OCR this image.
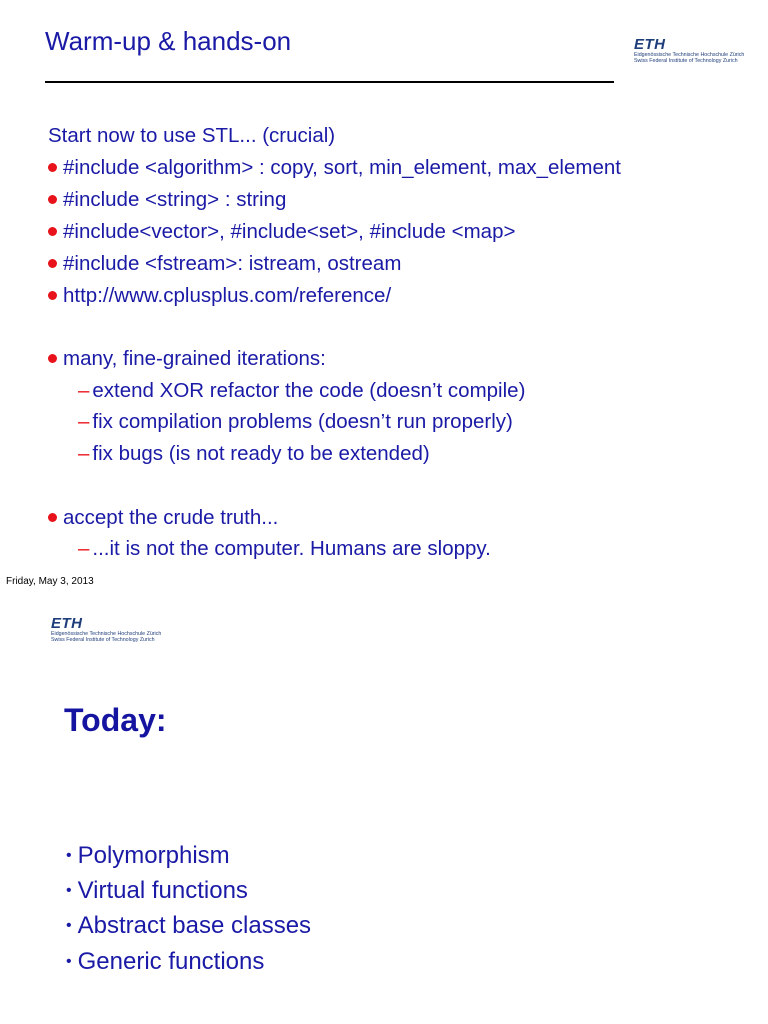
Warm-up & hands-on	ETH
Eidgenössische Technische Hochschule Zürich
Swiss Federal Institute of Technology Zurich
Start now to use STL... (crucial)
#include <algorithm> : copy, sort, min_element, max_element
#include <string> : string
#include<vector>, #include<set>, #include <map>
#include <fstream>: istream, ostream
http://www.cplusplus.com/reference/
many, fine-grained iterations:
– extend XOR refactor the code (doesn’t compile)
– fix compilation problems (doesn’t run properly)
– fix bugs (is not ready to be extended)
accept the crude truth...
– ...it is not the computer. Humans are sloppy.
Friday, May 3, 2013
ETH
Eidgenössische Technische Hochschule Zürich
Swiss Federal Institute of Technology Zurich
Today:
• Polymorphism
• Virtual functions
• Abstract base classes
• Generic functions
